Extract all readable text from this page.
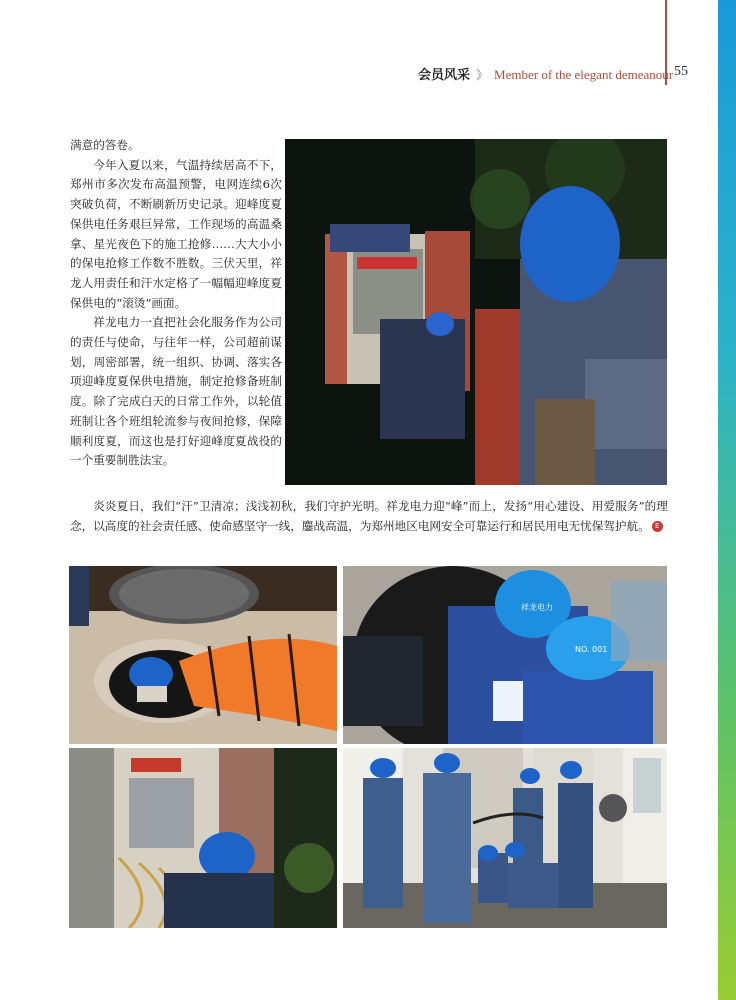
会员风采 》 Member of the elegant demeanour 55

满意的答卷。

今年入夏以来，气温持续居高不下，郑州市多次发布高温预警，电网连续6次突破负荷，不断刷新历史记录。迎峰度夏保供电任务艰巨异常，工作现场的高温桑拿、星光夜色下的施工抢修……大大小小的保电抢修工作数不胜数。三伏天里，祥龙人用责任和汗水定格了一幅幅迎峰度夏保供电的“滚烫”画面。

祥龙电力一直把社会化服务作为公司的责任与使命，与往年一样，公司超前谋划，周密部署，统一组织、协调、落实各项迎峰度夏保供电措施，制定抢修备班制度。除了完成白天的日常工作外，以轮值班制让各个班组轮流参与夜间抢修，保障顺利度夏，而这也是打好迎峰度夏战役的一个重要制胜法宝。

炎炎夏日，我们“汗”卫清凉；浅浅初秋，我们守护光明。祥龙电力迎“峰”而上，发扬“用心建设、用爱服务”的理念，以高度的社会责任感、使命感坚守一线，鏖战高温，为郑州地区电网安全可靠运行和居民用电无忧保驾护航。 E

祥龙电力
NO. 001
